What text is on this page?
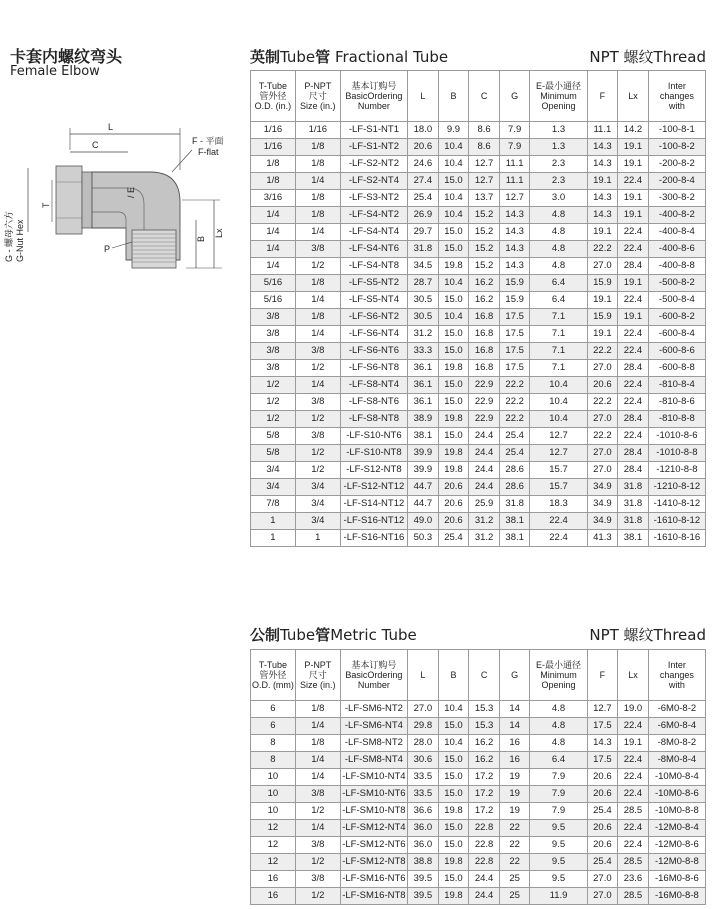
卡套内螺纹弯头
Female Elbow
L
C	F - 平面
F-flat
G - 螺母六方 G-Nut Hex
T
/ E
B
Lx
P
英制Tube管 Fractional Tube	NPT 螺纹Thread
T-Tube
管外径
O.D. (in.)	P-NPT
尺寸
Size (in.)	基本订购号
BasicOrdering
Number	L	B	C	G	E-最小通径
Minimum
Opening	F	Lx	Inter
changes
with

1/16	1/16	-LF-S1-NT1	18.0	9.9	8.6	7.9	1.3	11.1	14.2	-100-8-1
1/16	1/8	-LF-S1-NT2	20.6	10.4	8.6	7.9	1.3	14.3	19.1	-100-8-2
1/8	1/8	-LF-S2-NT2	24.6	10.4	12.7	11.1	2.3	14.3	19.1	-200-8-2
1/8	1/4	-LF-S2-NT4	27.4	15.0	12.7	11.1	2.3	19.1	22.4	-200-8-4
3/16	1/8	-LF-S3-NT2	25.4	10.4	13.7	12.7	3.0	14.3	19.1	-300-8-2
1/4	1/8	-LF-S4-NT2	26.9	10.4	15.2	14.3	4.8	14.3	19.1	-400-8-2
1/4	1/4	-LF-S4-NT4	29.7	15.0	15.2	14.3	4.8	19.1	22.4	-400-8-4
1/4	3/8	-LF-S4-NT6	31.8	15.0	15.2	14.3	4.8	22.2	22.4	-400-8-6
1/4	1/2	-LF-S4-NT8	34.5	19.8	15.2	14.3	4.8	27.0	28.4	-400-8-8
5/16	1/8	-LF-S5-NT2	28.7	10.4	16.2	15.9	6.4	15.9	19.1	-500-8-2
5/16	1/4	-LF-S5-NT4	30.5	15.0	16.2	15.9	6.4	19.1	22.4	-500-8-4
3/8	1/8	-LF-S6-NT2	30.5	10.4	16.8	17.5	7.1	15.9	19.1	-600-8-2
3/8	1/4	-LF-S6-NT4	31.2	15.0	16.8	17.5	7.1	19.1	22.4	-600-8-4
3/8	3/8	-LF-S6-NT6	33.3	15.0	16.8	17.5	7.1	22.2	22.4	-600-8-6
3/8	1/2	-LF-S6-NT8	36.1	19.8	16.8	17.5	7.1	27.0	28.4	-600-8-8
1/2	1/4	-LF-S8-NT4	36.1	15.0	22.9	22.2	10.4	20.6	22.4	-810-8-4
1/2	3/8	-LF-S8-NT6	36.1	15.0	22.9	22.2	10.4	22.2	22.4	-810-8-6
1/2	1/2	-LF-S8-NT8	38.9	19.8	22.9	22.2	10.4	27.0	28.4	-810-8-8
5/8	3/8	-LF-S10-NT6	38.1	15.0	24.4	25.4	12.7	22.2	22.4	-1010-8-6
5/8	1/2	-LF-S10-NT8	39.9	19.8	24.4	25.4	12.7	27.0	28.4	-1010-8-8
3/4	1/2	-LF-S12-NT8	39.9	19.8	24.4	28.6	15.7	27.0	28.4	-1210-8-8
3/4	3/4	-LF-S12-NT12	44.7	20.6	24.4	28.6	15.7	34.9	31.8	-1210-8-12
7/8	3/4	-LF-S14-NT12	44.7	20.6	25.9	31.8	18.3	34.9	31.8	-1410-8-12
1	3/4	-LF-S16-NT12	49.0	20.6	31.2	38.1	22.4	34.9	31.8	-1610-8-12
1	1	-LF-S16-NT16	50.3	25.4	31.2	38.1	22.4	41.3	38.1	-1610-8-16
公制Tube管Metric Tube	NPT 螺纹Thread
T-Tube
管外径
O.D. (mm)	P-NPT
尺寸
Size (in.)	基本订购号
BasicOrdering
Number	L	B	C	G	E-最小通径
Minimum
Opening	F	Lx	Inter
changes
with

6	1/8	-LF-SM6-NT2	27.0	10.4	15.3	14	4.8	12.7	19.0	-6M0-8-2
6	1/4	-LF-SM6-NT4	29.8	15.0	15.3	14	4.8	17.5	22.4	-6M0-8-4
8	1/8	-LF-SM8-NT2	28.0	10.4	16.2	16	4.8	14.3	19.1	-8M0-8-2
8	1/4	-LF-SM8-NT4	30.6	15.0	16.2	16	6.4	17.5	22.4	-8M0-8-4
10	1/4	-LF-SM10-NT4	33.5	15.0	17.2	19	7.9	20.6	22.4	-10M0-8-4
10	3/8	-LF-SM10-NT6	33.5	15.0	17.2	19	7.9	20.6	22.4	-10M0-8-6
10	1/2	-LF-SM10-NT8	36.6	19.8	17.2	19	7.9	25.4	28.5	-10M0-8-8
12	1/4	-LF-SM12-NT4	36.0	15.0	22.8	22	9.5	20.6	22.4	-12M0-8-4
12	3/8	-LF-SM12-NT6	36.0	15.0	22.8	22	9.5	20.6	22.4	-12M0-8-6
12	1/2	-LF-SM12-NT8	38.8	19.8	22.8	22	9.5	25.4	28.5	-12M0-8-8
16	3/8	-LF-SM16-NT6	39.5	15.0	24.4	25	9.5	27.0	23.6	-16M0-8-6
16	1/2	-LF-SM16-NT8	39.5	19.8	24.4	25	11.9	27.0	28.5	-16M0-8-8
